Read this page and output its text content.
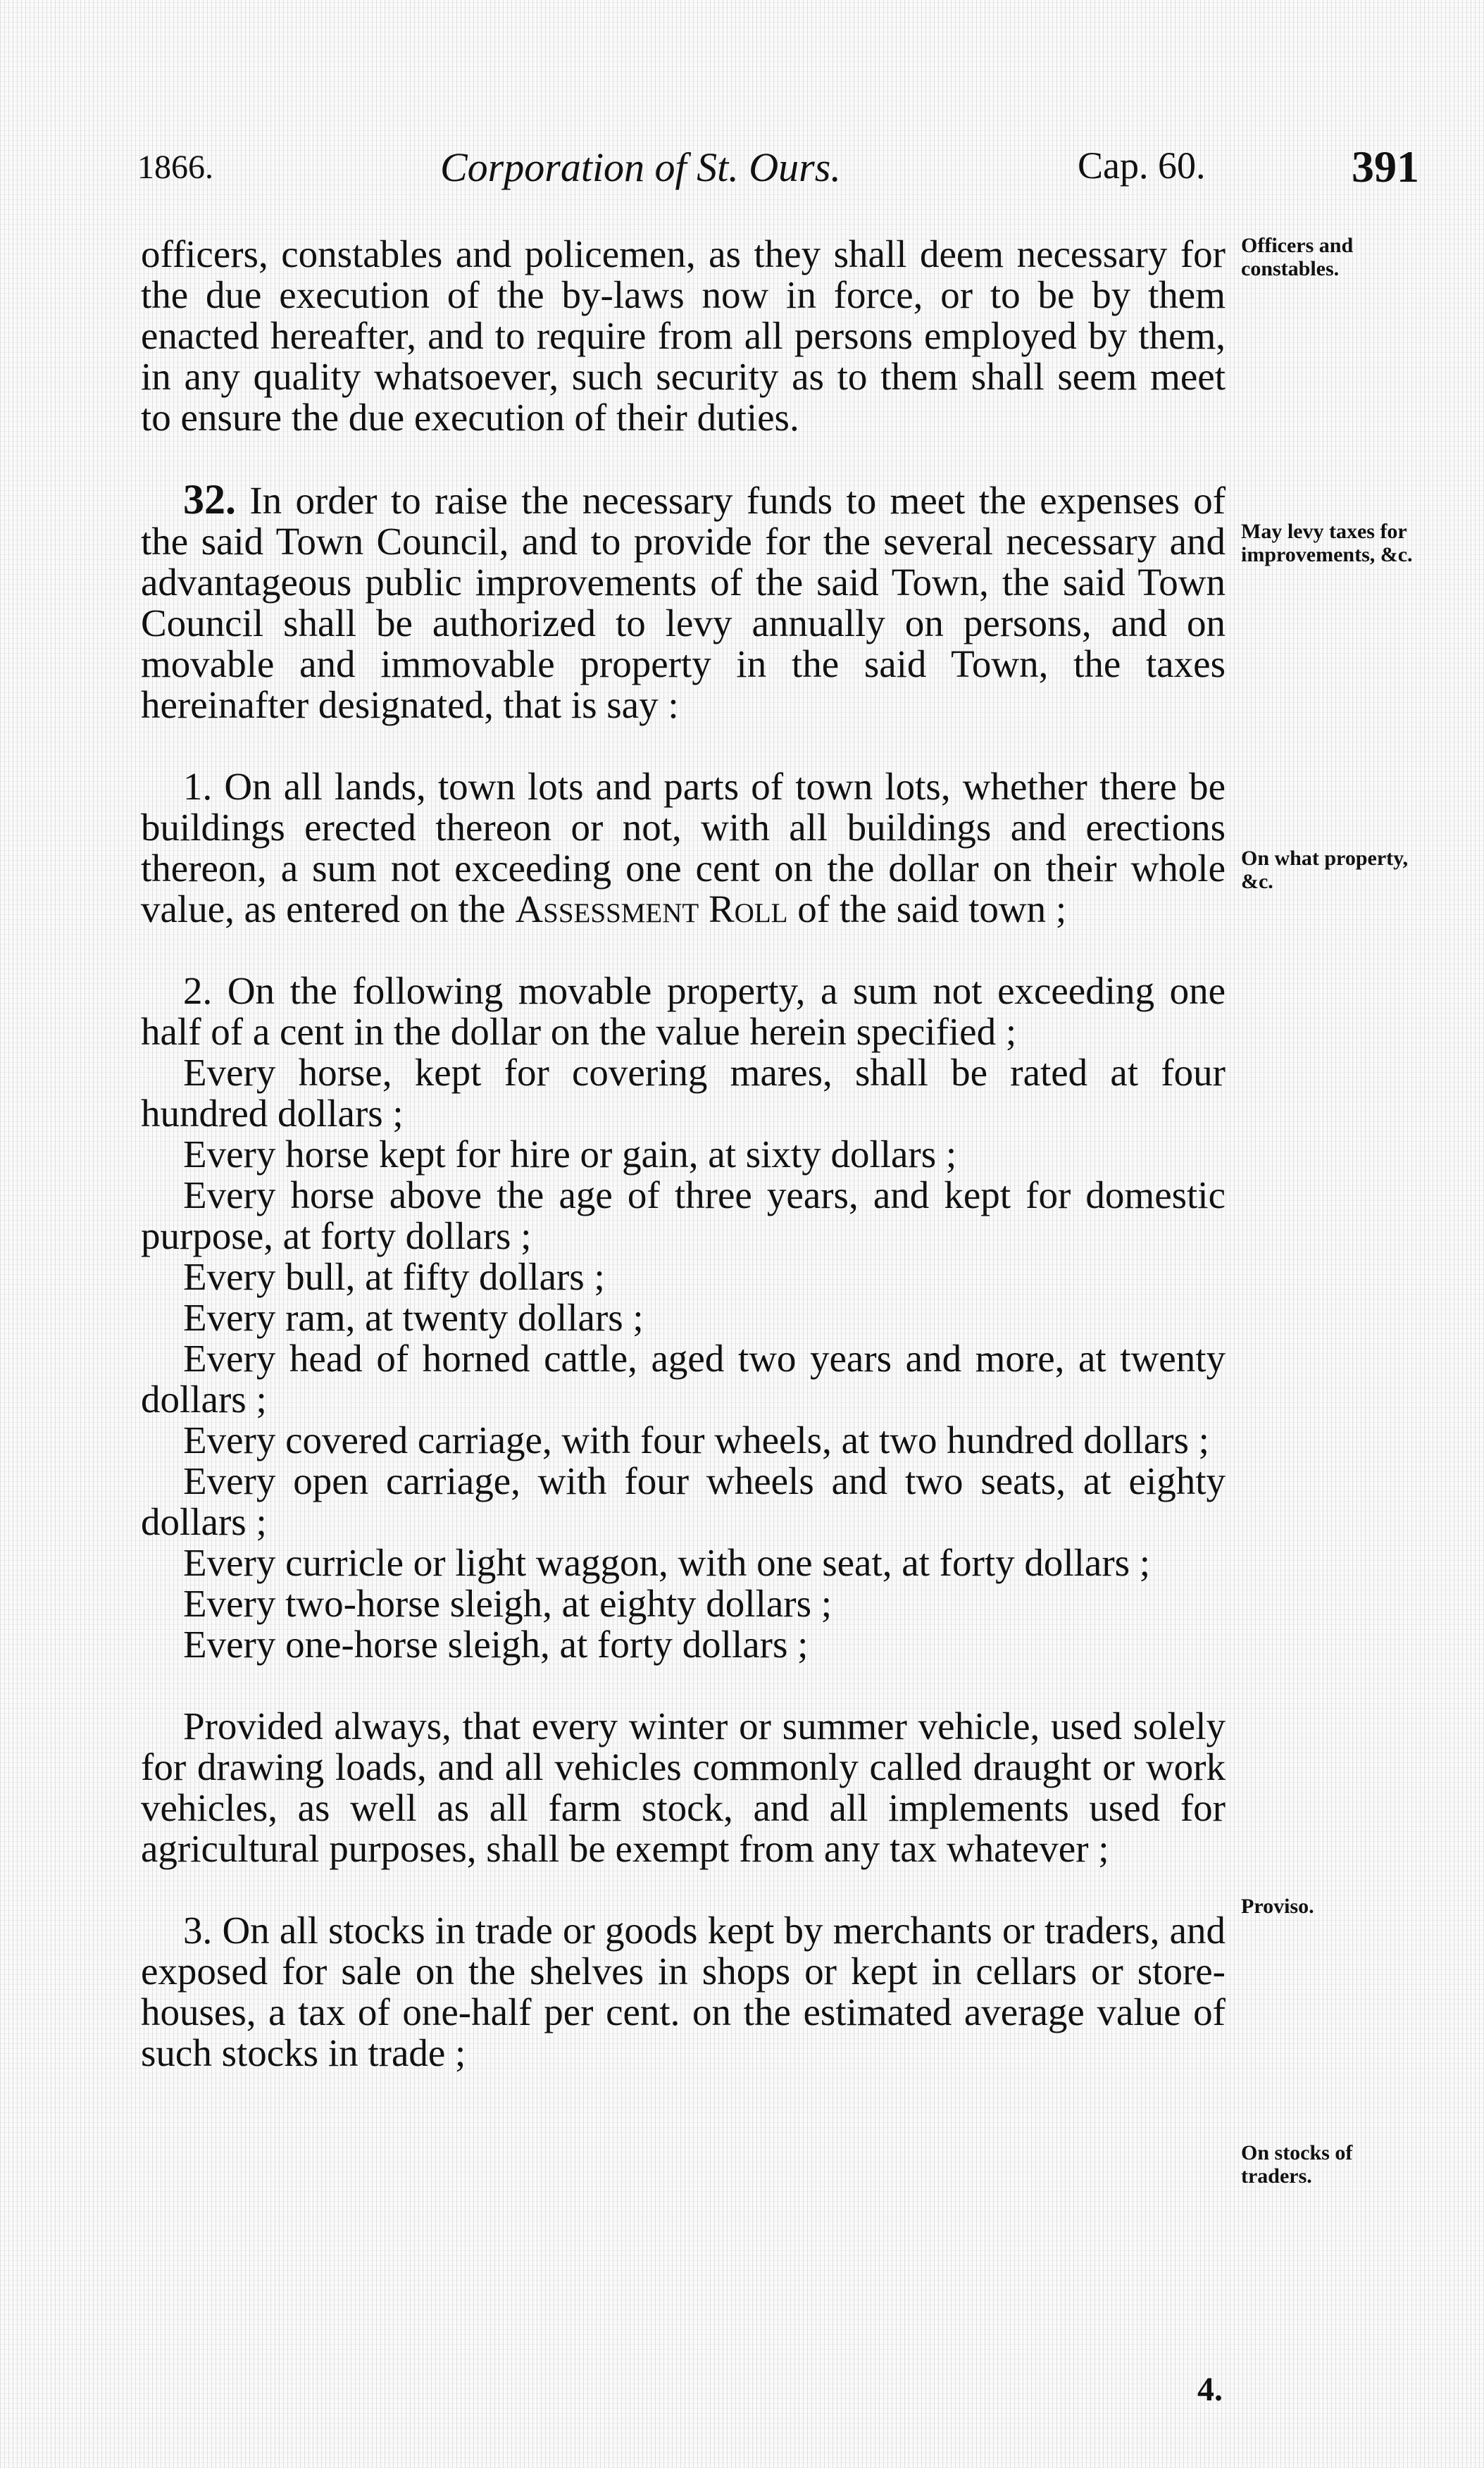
1866.	Corporation of St. Ours.	Cap. 60.	391

officers, constables and policemen, as they shall deem necessary for the due execution of the by-laws now in force, or to be by them enacted hereafter, and to require from all persons employed by them, in any quality whatsoever, such security as to them shall seem meet to ensure the due execution of their duties.

32. In order to raise the necessary funds to meet the expenses of the said Town Council, and to provide for the several necessary and advantageous public improvements of the said Town, the said Town Council shall be authorized to levy annually on persons, and on movable and immovable property in the said Town, the taxes hereinafter designated, that is say :

1. On all lands, town lots and parts of town lots, whether there be buildings erected thereon or not, with all buildings and erections thereon, a sum not exceeding one cent on the dollar on their whole value, as entered on the Assessment Roll of the said town ;

2. On the following movable property, a sum not exceeding one half of a cent in the dollar on the value herein specified ;

Every horse, kept for covering mares, shall be rated at four hundred dollars ;

Every horse kept for hire or gain, at sixty dollars ;

Every horse above the age of three years, and kept for domestic purpose, at forty dollars ;

Every bull, at fifty dollars ;

Every ram, at twenty dollars ;

Every head of horned cattle, aged two years and more, at twenty dollars ;

Every covered carriage, with four wheels, at two hundred dollars ;

Every open carriage, with four wheels and two seats, at eighty dollars ;

Every curricle or light waggon, with one seat, at forty dollars ;

Every two-horse sleigh, at eighty dollars ;

Every one-horse sleigh, at forty dollars ;

Provided always, that every winter or summer vehicle, used solely for drawing loads, and all vehicles commonly called draught or work vehicles, as well as all farm stock, and all implements used for agricultural purposes, shall be exempt from any tax whatever ;

3. On all stocks in trade or goods kept by merchants or traders, and exposed for sale on the shelves in shops or kept in cellars or store-houses, a tax of one-half per cent. on the estimated average value of such stocks in trade ;

Officers and constables.
May levy taxes for improvements, &c.
On what property, &c.
Proviso.
On stocks of traders.
4.
